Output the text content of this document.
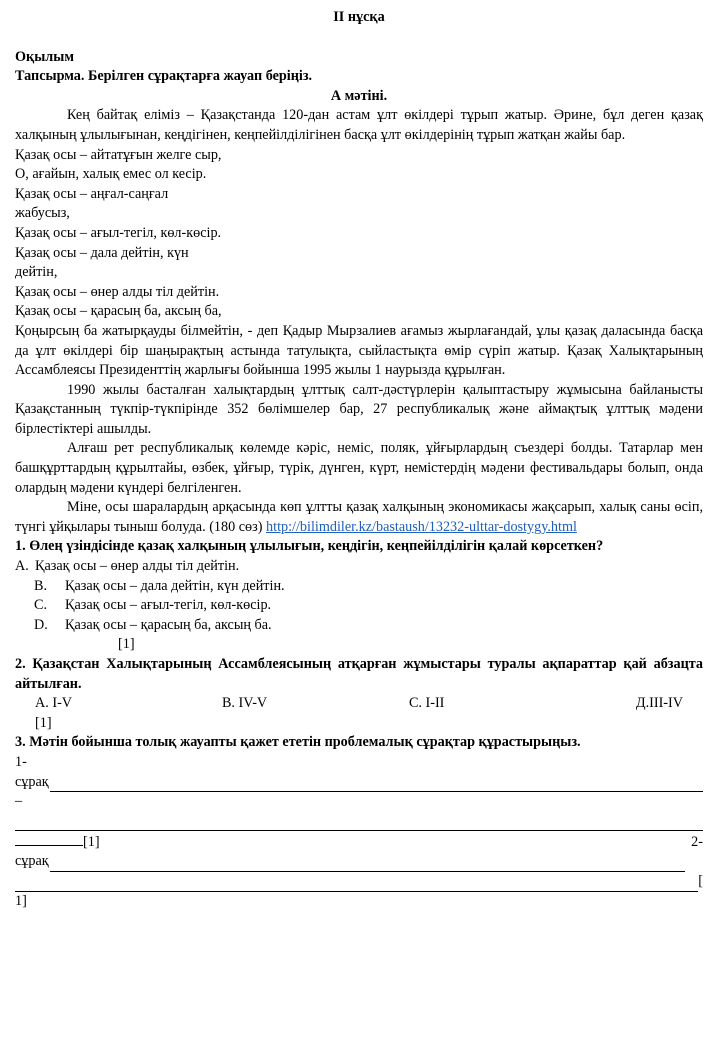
II нұсқа

Оқылым

Тапсырма. Берілген сұрақтарға жауап беріңіз.

А мәтіні.

Кең байтақ еліміз – Қазақстанда 120-дан астам ұлт өкілдері тұрып жатыр. Әрине, бұл деген қазақ халқының ұлылығынан, кеңдігінен, кеңпейілділігінен басқа ұлт өкілдерінің тұрып жатқан жайы бар.

Қазақ осы – айтатұғын желге сыр,

О, ағайын, халық емес ол кесір.

Қазақ осы – аңғал-саңғал

жабусыз,

Қазақ осы – ағыл-тегіл, көл-көсір.

Қазақ осы – дала дейтін, күн

дейтін,

Қазақ осы – өнер алды тіл дейтін.

Қазақ осы – қарасың ба, аксың ба,

Қоңырсың ба жатырқауды білмейтін, - деп Қадыр Мырзалиев ағамыз жырлағандай, ұлы қазақ даласында басқа да ұлт өкілдері бір шаңырақтың астында татулықта, сыйластықта өмір сүріп жатыр. Қазақ Халықтарының Ассамблеясы Президенттің жарлығы бойынша 1995 жылы 1 наурызда құрылған.

1990 жылы басталған халықтардың ұлттық салт-дәстүрлерін қалыптастыру жұмысына байланысты Қазақстанның түкпір-түкпірінде 352 бөлімшелер бар, 27 республикалық және аймақтық ұлттық мәдени бірлестіктері ашылды.

Алғаш рет республикалық көлемде кәріс, неміс, поляк, ұйғырлардың съездері болды. Татарлар мен башқұрттардың құрылтайы, өзбек, ұйғыр, түрік, дүнген, күрт, немістердің мәдени фестивальдары болып, онда олардың мәдени күндері белгіленген.

Міне, осы шаралардың арқасында көп ұлтты қазақ халқының экономикасы жақсарып, халық саны өсіп, түнгі ұйқылары тыныш болуда. (180 сөз) http://bilimdiler.kz/bastaush/13232-ulttar-dostygy.html

1. Өлең үзіндісінде қазақ халқының ұлылығын, кеңдігін, кеңпейілділігін қалай көрсеткен?

A. Қазақ осы – өнер алды тіл дейтін.
B.	Қазақ осы – дала дейтін, күн дейтін.
C.	Қазақ осы – ағыл-тегіл, көл-көсір.
D.	Қазақ осы – қарасың ба, аксың ба.

[1]

2. Қазақстан Халықтарының Ассамблеясының атқарған жұмыстары туралы ақпараттар қай абзацта айтылған.

A. I-V	B. IV-V	C. I-II	Д.III-IV

[1]

3. Мәтін бойынша толық жауапты қажет ететін проблемалық сұрақтар құрастырыңыз.

1-

сұрақ

–

[1]	2-
сұрақ
[

1]
